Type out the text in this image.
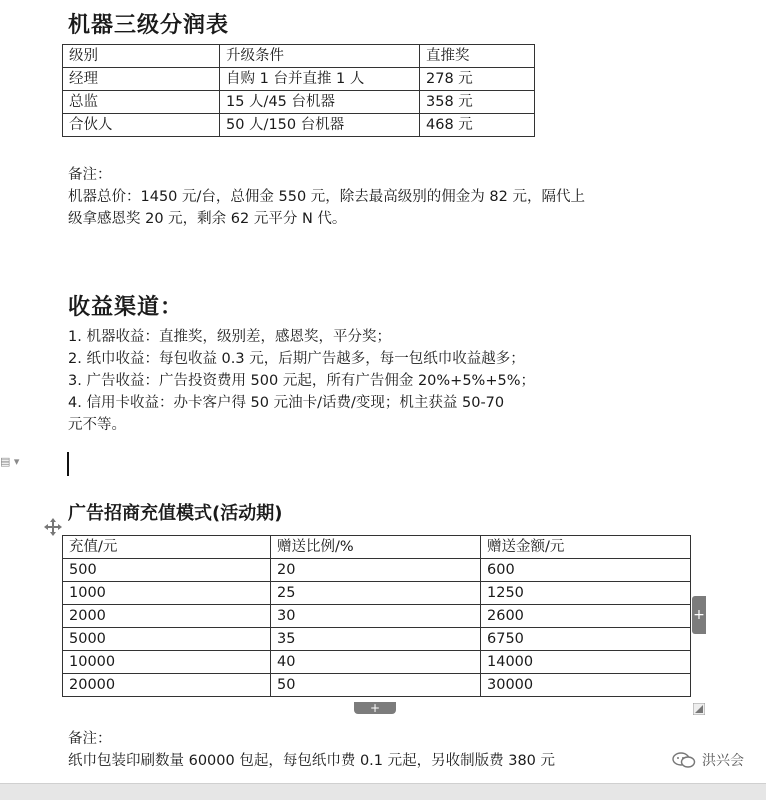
机器三级分润表
级别	升级条件	直推奖
经理	自购 1 台并直推 1 人	278 元
总监	15 人/45 台机器	358 元
合伙人	50 人/150 台机器	468 元
备注：
机器总价：1450 元/台，总佣金 550 元，除去最高级别的佣金为 82 元，隔代上
级拿感恩奖 20 元，剩余 62 元平分 N 代。
收益渠道：
1. 机器收益：直推奖，级别差，感恩奖，平分奖；
2. 纸巾收益：每包收益 0.3 元，后期广告越多，每一包纸巾收益越多；
3. 广告收益：广告投资费用 500 元起，所有广告佣金 20%+5%+5%；
4. 信用卡收益：办卡客户得 50 元油卡/话费/变现；机主获益 50-70
元不等。
▤ ▾
广告招商充值模式(活动期)
充值/元	赠送比例/%	赠送金额/元
500	20	600
1000	25	1250
2000	30	2600
5000	35	6750
10000	40	14000
20000	50	30000
+
+
备注：
纸巾包装印刷数量 60000 包起，每包纸巾费 0.1 元起，另收制版费 380 元	洪兴会
